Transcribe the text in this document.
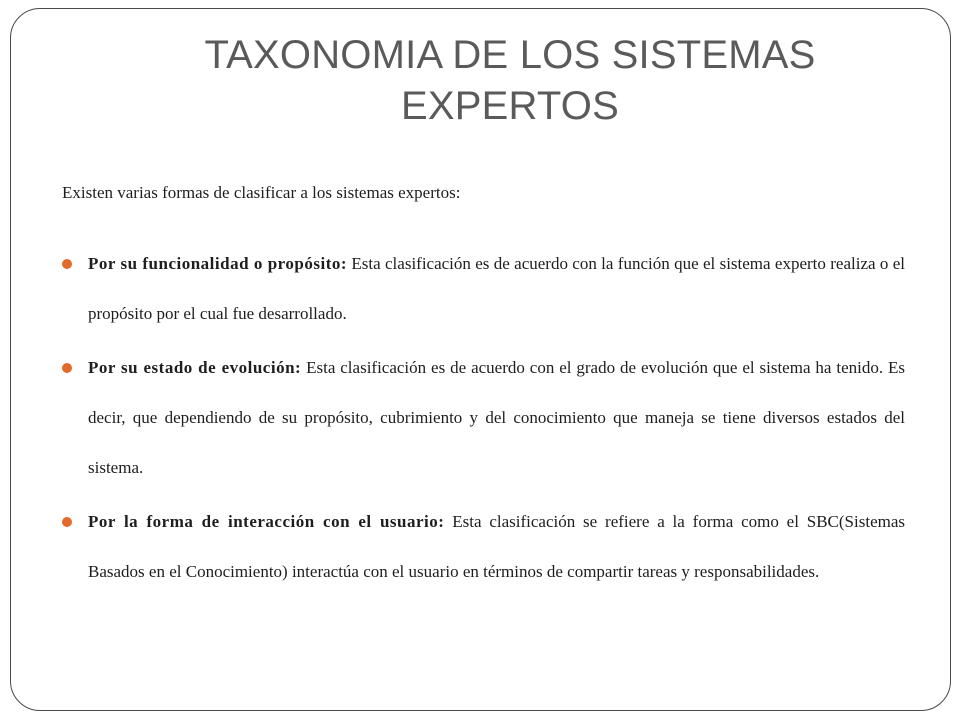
TAXONOMIA DE LOS SISTEMAS
EXPERTOS
Existen varias formas de clasificar a los sistemas expertos:
Por su funcionalidad o propósito: Esta clasificación es de acuerdo con la función que el sistema experto realiza o el propósito por el cual fue desarrollado.
Por su estado de evolución: Esta clasificación es de acuerdo con el grado de evolución que el sistema ha tenido. Es decir, que dependiendo de su propósito, cubrimiento y del conocimiento que maneja se tiene diversos estados del sistema.
Por la forma de interacción con el usuario: Esta clasificación se refiere a la forma como el SBC(Sistemas Basados en el Conocimiento) interactúa con el usuario en términos de compartir tareas y responsabilidades.
